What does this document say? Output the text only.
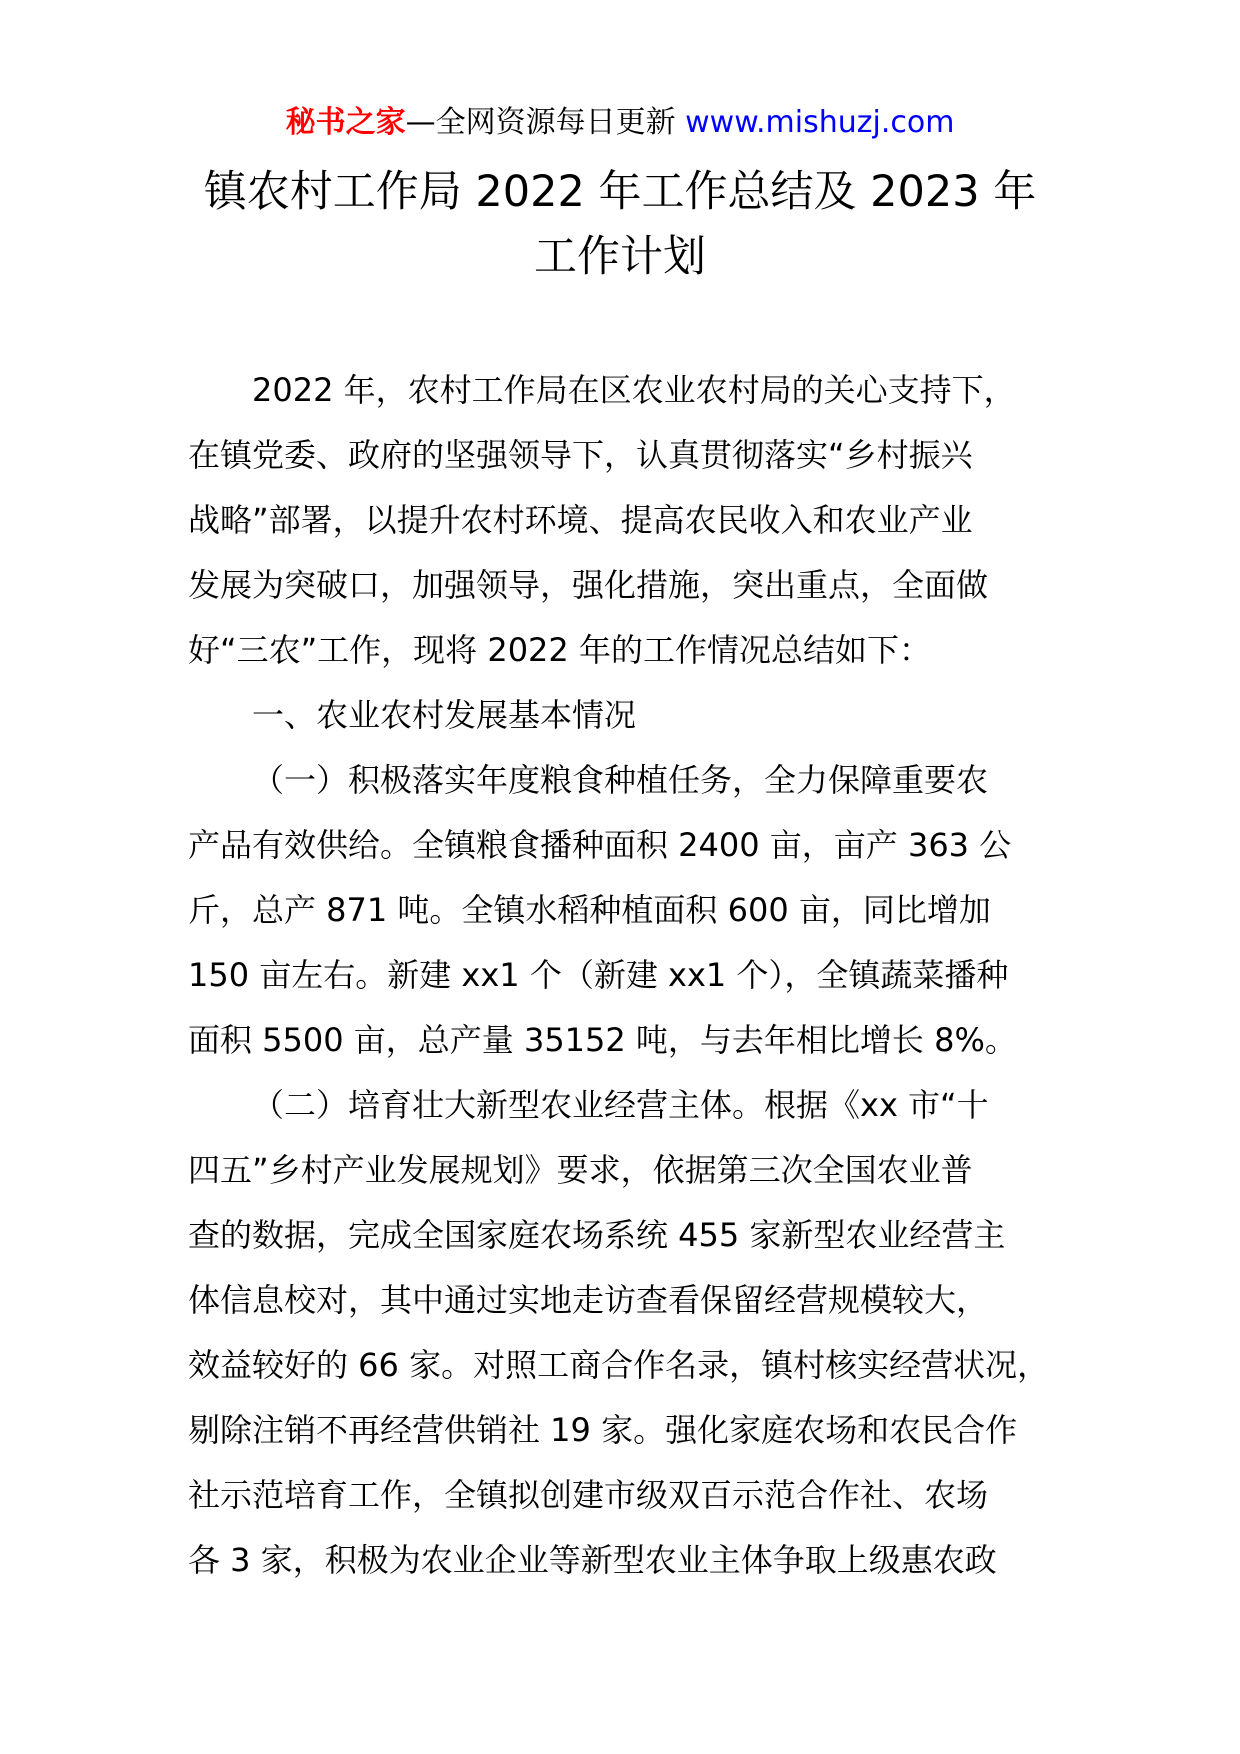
秘书之家—全网资源每日更新 www.mishuzj.com
镇农村工作局 2022 年工作总结及 2023 年
工作计划
2022 年，农村工作局在区农业农村局的关心支持下，
在镇党委、政府的坚强领导下，认真贯彻落实“乡村振兴
战略”部署，以提升农村环境、提高农民收入和农业产业
发展为突破口，加强领导，强化措施，突出重点，全面做
好“三农”工作，现将 2022 年的工作情况总结如下：
一、农业农村发展基本情况
（一）积极落实年度粮食种植任务，全力保障重要农
产品有效供给。全镇粮食播种面积 2400 亩，亩产 363 公
斤，总产 871 吨。全镇水稻种植面积 600 亩，同比增加
150 亩左右。新建 xx1 个（新建 xx1 个），全镇蔬菜播种
面积 5500 亩，总产量 35152 吨，与去年相比增长 8%。
（二）培育壮大新型农业经营主体。根据《xx 市“十
四五”乡村产业发展规划》要求，依据第三次全国农业普
查的数据，完成全国家庭农场系统 455 家新型农业经营主
体信息校对，其中通过实地走访查看保留经营规模较大，
效益较好的 66 家。对照工商合作名录，镇村核实经营状况，
剔除注销不再经营供销社 19 家。强化家庭农场和农民合作
社示范培育工作，全镇拟创建市级双百示范合作社、农场
各 3 家，积极为农业企业等新型农业主体争取上级惠农政
